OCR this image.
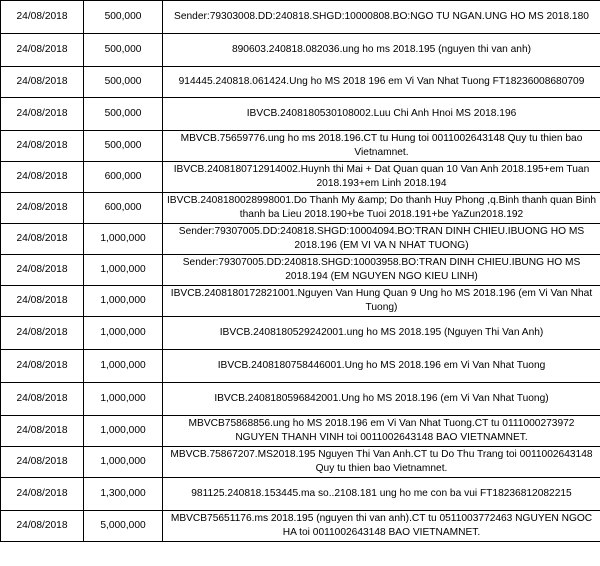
24/08/2018	500,000	Sender:79303008.DD:240818.SHGD:10000808.BO:NGO TU NGAN.UNG HO MS 2018.180
24/08/2018	500,000	890603.240818.082036.ung ho ms 2018.195 (nguyen thi van anh)
24/08/2018	500,000	914445.240818.061424.Ung ho MS 2018 196 em Vi Van Nhat Tuong FT18236008680709
24/08/2018	500,000	IBVCB.2408180530108002.Luu Chi Anh Hnoi MS 2018.196
24/08/2018	500,000	MBVCB.75659776.ung ho ms 2018.196.CT tu Hung toi 0011002643148 Quy tu thien bao Vietnamnet.
24/08/2018	600,000	IBVCB.2408180712914002.Huynh thi Mai + Dat Quan quan 10 Van Anh 2018.195+em Tuan 2018.193+em Linh 2018.194
24/08/2018	600,000	IBVCB.2408180028998001.Do Thanh My &amp; Do thanh Huy Phong ,q.Binh thanh quan Binh thanh ba Lieu 2018.190+be Tuoi 2018.191+be YaZun2018.192
24/08/2018	1,000,000	Sender:79307005.DD:240818.SHGD:10004094.BO:TRAN DINH CHIEU.IBUONG HO MS 2018.196 (EM VI VA N NHAT TUONG)
24/08/2018	1,000,000	Sender:79307005.DD:240818.SHGD:10003958.BO:TRAN DINH CHIEU.IBUNG HO MS 2018.194 (EM NGUYEN NGO KIEU LINH)
24/08/2018	1,000,000	IBVCB.2408180172821001.Nguyen Van Hung Quan 9 Ung ho MS 2018.196 (em Vi Van Nhat Tuong)
24/08/2018	1,000,000	IBVCB.2408180529242001.ung ho MS 2018.195 (Nguyen Thi Van Anh)
24/08/2018	1,000,000	IBVCB.2408180758446001.Ung ho MS 2018.196 em Vi Van Nhat Tuong
24/08/2018	1,000,000	IBVCB.2408180596842001.Ung ho MS 2018.196 (em Vi Van Nhat Tuong)
24/08/2018	1,000,000	MBVCB75868856.ung ho MS 2018.196 em Vi Van Nhat Tuong.CT tu 0111000273972 NGUYEN THANH VINH toi 0011002643148 BAO VIETNAMNET.
24/08/2018	1,000,000	MBVCB.75867207.MS2018.195 Nguyen Thi Van Anh.CT tu Do Thu Trang toi 0011002643148 Quy tu thien bao Vietnamnet.
24/08/2018	1,300,000	981125.240818.153445.ma so..2108.181 ung ho me con ba vui FT18236812082215
24/08/2018	5,000,000	MBVCB75651176.ms 2018.195 (nguyen thi van anh).CT tu 0511003772463 NGUYEN NGOC HA toi 0011002643148 BAO VIETNAMNET.
